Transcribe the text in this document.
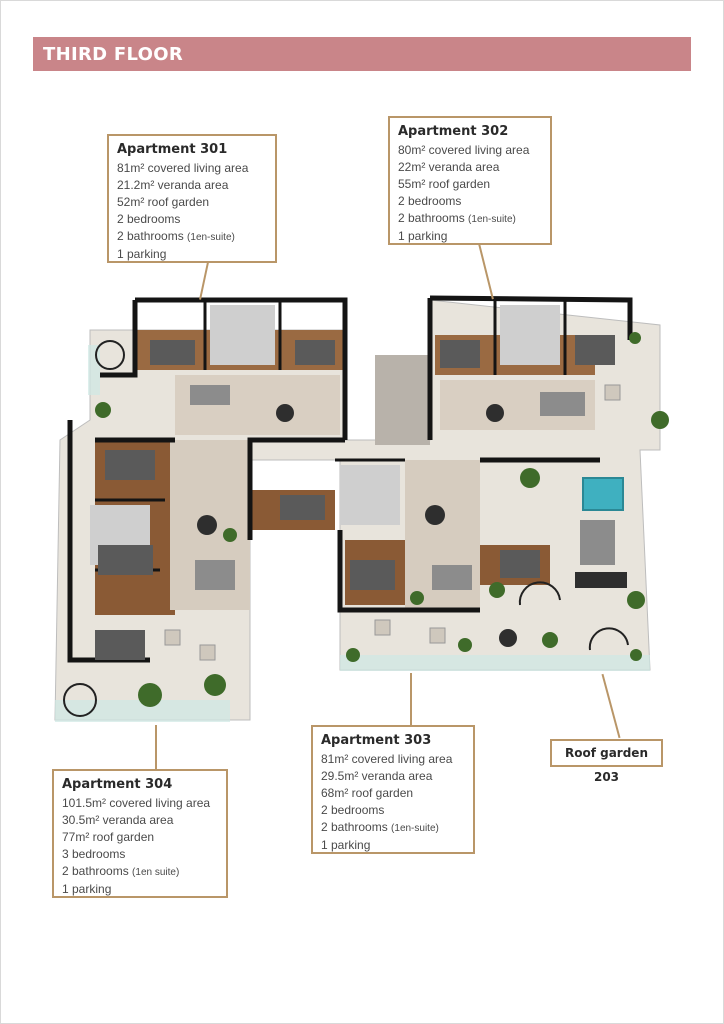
THIRD FLOOR
Apartment 301
81m² covered living area
21.2m² veranda area
52m² roof garden
2 bedrooms
2 bathrooms (1en-suite)
1 parking
Apartment 302
80m² covered living area
22m² veranda area
55m² roof garden
2 bedrooms
2 bathrooms (1en-suite)
1 parking
Apartment 303
81m² covered living area
29.5m² veranda area
68m² roof garden
2 bedrooms
2 bathrooms (1en-suite)
1 parking
Apartment 304
101.5m² covered living area
30.5m² veranda area
77m² roof garden
3 bedrooms
2 bathrooms (1en suite)
1 parking
Roof garden 203
